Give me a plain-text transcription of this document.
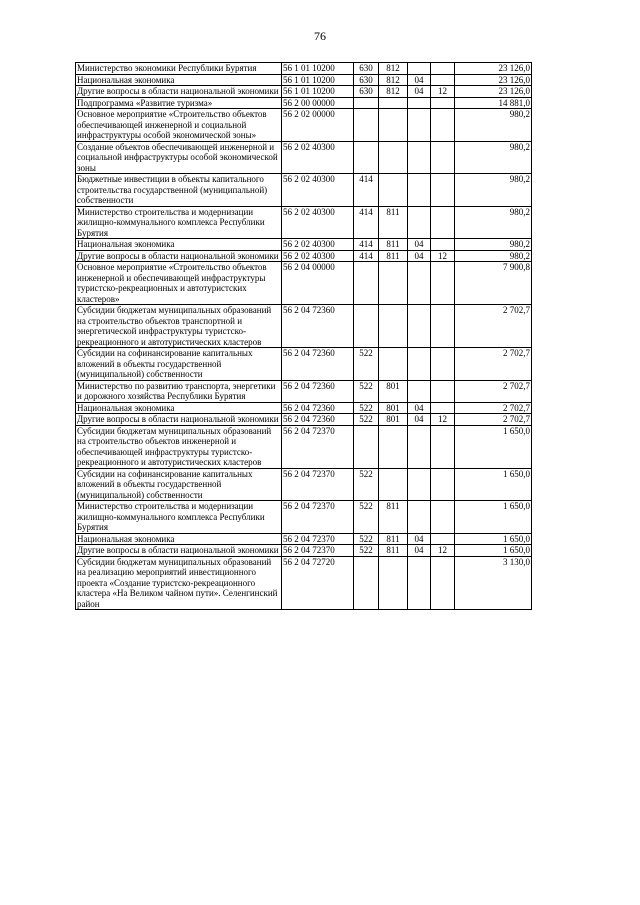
76
Министерство экономики Республики Бурятия	56 1 01 10200	630	812			23 126,0
Национальная экономика	56 1 01 10200	630	812	04		23 126,0
Другие вопросы в области национальной экономики	56 1 01 10200	630	812	04	12	23 126,0
Подпрограмма «Развитие туризма»	56 2 00 00000					14 881,0
Основное мероприятие «Строительство объектов обеспечивающей инженерной и социальной инфраструктуры особой экономической зоны»	56 2 02 00000					980,2
Создание объектов обеспечивающей инженерной и социальной инфраструктуры особой экономической зоны	56 2 02 40300					980,2
Бюджетные инвестиции в объекты капитального строительства государственной (муниципальной) собственности	56 2 02 40300	414				980,2
Министерство строительства и модернизации жилищно-коммунального комплекса Республики Бурятия	56 2 02 40300	414	811			980,2
Национальная экономика	56 2 02 40300	414	811	04		980,2
Другие вопросы в области национальной экономики	56 2 02 40300	414	811	04	12	980,2
Основное мероприятие «Строительство объектов инженерной и обеспечивающей инфраструктуры туристско-рекреационных и автотуристских кластеров»	56 2 04 00000					7 900,8
Субсидии бюджетам муниципальных образований на строительство объектов транспортной и энергетической инфраструктуры туристско-рекреационного и автотуристических кластеров	56 2 04 72360					2 702,7
Субсидии на софинансирование капитальных вложений в объекты государственной (муниципальной) собственности	56 2 04 72360	522				2 702,7
Министерство по развитию транспорта, энергетики и дорожного хозяйства Республики Бурятия	56 2 04 72360	522	801			2 702,7
Национальная экономика	56 2 04 72360	522	801	04		2 702,7
Другие вопросы в области национальной экономики	56 2 04 72360	522	801	04	12	2 702,7
Субсидии бюджетам муниципальных образований на строительство объектов инженерной и обеспечивающей инфраструктуры туристско-рекреационного и автотуристических кластеров	56 2 04 72370					1 650,0
Субсидии на софинансирование капитальных вложений в объекты государственной (муниципальной) собственности	56 2 04 72370	522				1 650,0
Министерство строительства и модернизации жилищно-коммунального комплекса Республики Бурятия	56 2 04 72370	522	811			1 650,0
Национальная экономика	56 2 04 72370	522	811	04		1 650,0
Другие вопросы в области национальной экономики	56 2 04 72370	522	811	04	12	1 650,0
Субсидии бюджетам муниципальных образований на реализацию мероприятий инвестиционного проекта «Создание туристско-рекреационного кластера «На Великом чайном пути». Селенгинский район	56 2 04 72720					3 130,0
